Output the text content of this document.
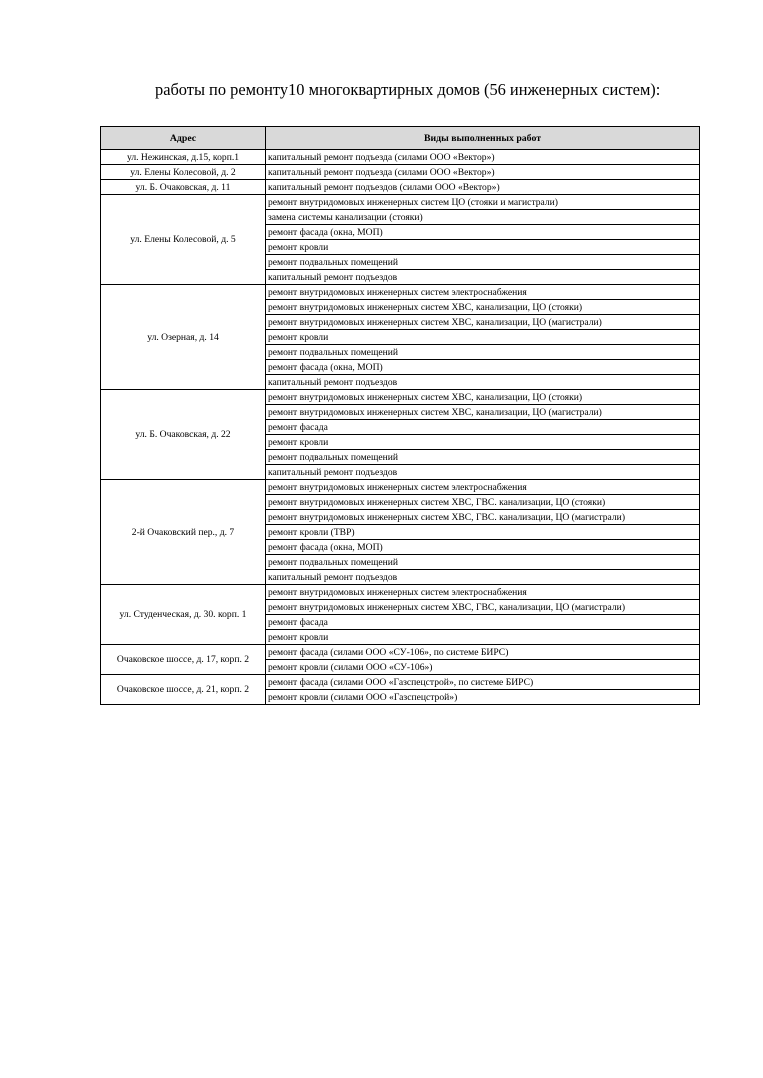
работы по ремонту10 многоквартирных домов (56 инженерных систем):

Адрес	Виды выполненных работ
ул. Нежинская, д.15, корп.1	капитальный ремонт подъезда (силами ООО «Вектор»)
ул. Елены Колесовой, д. 2	капитальный ремонт подъезда (силами ООО «Вектор»)
ул. Б. Очаковская, д. 11	капитальный ремонт подъездов (силами ООО «Вектор»)
ул. Елены Колесовой, д. 5	ремонт внутридомовых инженерных систем ЦО (стояки и магистрали)
	замена системы канализации (стояки)
	ремонт фасада (окна, МОП)
	ремонт кровли
	ремонт подвальных помещений
	капитальный ремонт подъездов
ул. Озерная, д. 14	ремонт внутридомовых инженерных систем электроснабжения
	ремонт внутридомовых инженерных систем ХВС, канализации, ЦО (стояки)
	ремонт внутридомовых инженерных систем ХВС, канализации, ЦО (магистрали)
	ремонт кровли
	ремонт подвальных помещений
	ремонт фасада (окна, МОП)
	капитальный ремонт подъездов
ул. Б. Очаковская, д. 22	ремонт внутридомовых инженерных систем ХВС, канализации, ЦО (стояки)
	ремонт внутридомовых инженерных систем ХВС, канализации, ЦО (магистрали)
	ремонт фасада
	ремонт кровли
	ремонт подвальных помещений
	капитальный ремонт подъездов
2-й Очаковский пер., д. 7	ремонт внутридомовых инженерных систем электроснабжения
	ремонт внутридомовых инженерных систем ХВС, ГВС. канализации, ЦО (стояки)
	ремонт внутридомовых инженерных систем ХВС, ГВС. канализации, ЦО (магистрали)
	ремонт кровли (ТВР)
	ремонт фасада (окна, МОП)
	ремонт подвальных помещений
	капитальный ремонт подъездов
ул. Студенческая, д. 30. корп. 1	ремонт внутридомовых инженерных систем электроснабжения
	ремонт внутридомовых инженерных систем ХВС, ГВС, канализации, ЦО (магистрали)
	ремонт фасада
	ремонт кровли
Очаковское шоссе, д. 17, корп. 2	ремонт фасада (силами ООО «СУ-106», по системе БИРС)
	ремонт кровли (силами ООО «СУ-106»)
Очаковское шоссе, д. 21, корп. 2	ремонт фасада (силами ООО «Газспецстрой», по системе БИРС)
	ремонт кровли (силами ООО «Газспецстрой»)
